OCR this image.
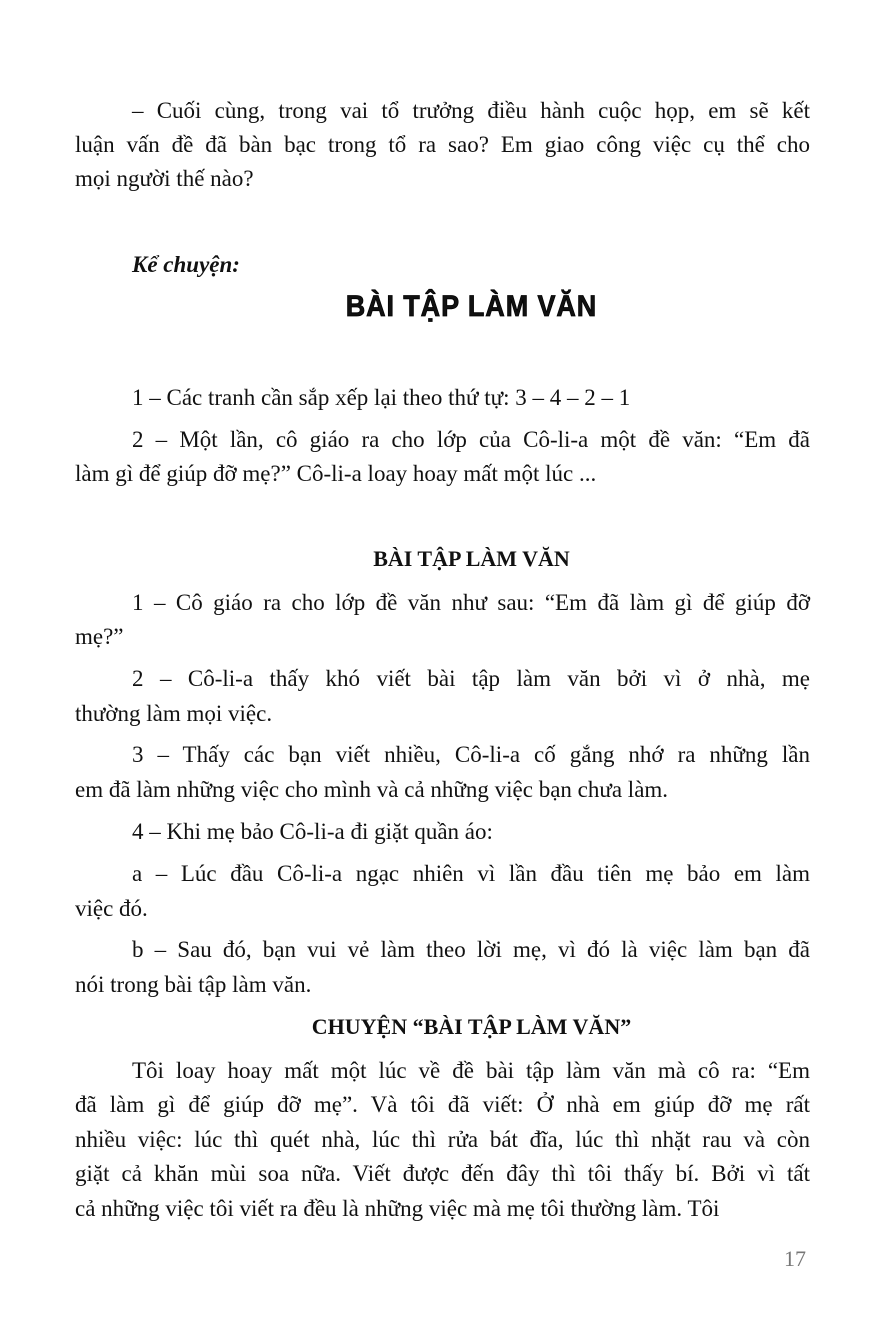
– Cuối cùng, trong vai tổ trưởng điều hành cuộc họp, em sẽ kết
luận vấn đề đã bàn bạc trong tổ ra sao? Em giao công việc cụ thể cho
mọi người thế nào?
Kể chuyện:
BÀI TẬP LÀM VĂN
1 – Các tranh cần sắp xếp lại theo thứ tự: 3 – 4 – 2 – 1
2 – Một lần, cô giáo ra cho lớp của Cô-li-a một đề văn: “Em đã
làm gì để giúp đỡ mẹ?” Cô-li-a loay hoay mất một lúc ...
BÀI TẬP LÀM VĂN
1 – Cô giáo ra cho lớp đề văn như sau: “Em đã làm gì để giúp đỡ
mẹ?”
2 – Cô-li-a thấy khó viết bài tập làm văn bởi vì ở nhà, mẹ
thường làm mọi việc.
3 – Thấy các bạn viết nhiều, Cô-li-a cố gắng nhớ ra những lần
em đã làm những việc cho mình và cả những việc bạn chưa làm.
4 – Khi mẹ bảo Cô-li-a đi giặt quần áo:
a – Lúc đầu Cô-li-a ngạc nhiên vì lần đầu tiên mẹ bảo em làm
việc đó.
b – Sau đó, bạn vui vẻ làm theo lời mẹ, vì đó là việc làm bạn đã
nói trong bài tập làm văn.
CHUYỆN “BÀI TẬP LÀM VĂN”
Tôi loay hoay mất một lúc về đề bài tập làm văn mà cô ra: “Em
đã làm gì để giúp đỡ mẹ”. Và tôi đã viết: Ở nhà em giúp đỡ mẹ rất
nhiều việc: lúc thì quét nhà, lúc thì rửa bát đĩa, lúc thì nhặt rau và còn
giặt cả khăn mùi soa nữa. Viết được đến đây thì tôi thấy bí. Bởi vì tất
cả những việc tôi viết ra đều là những việc mà mẹ tôi thường làm. Tôi
17
